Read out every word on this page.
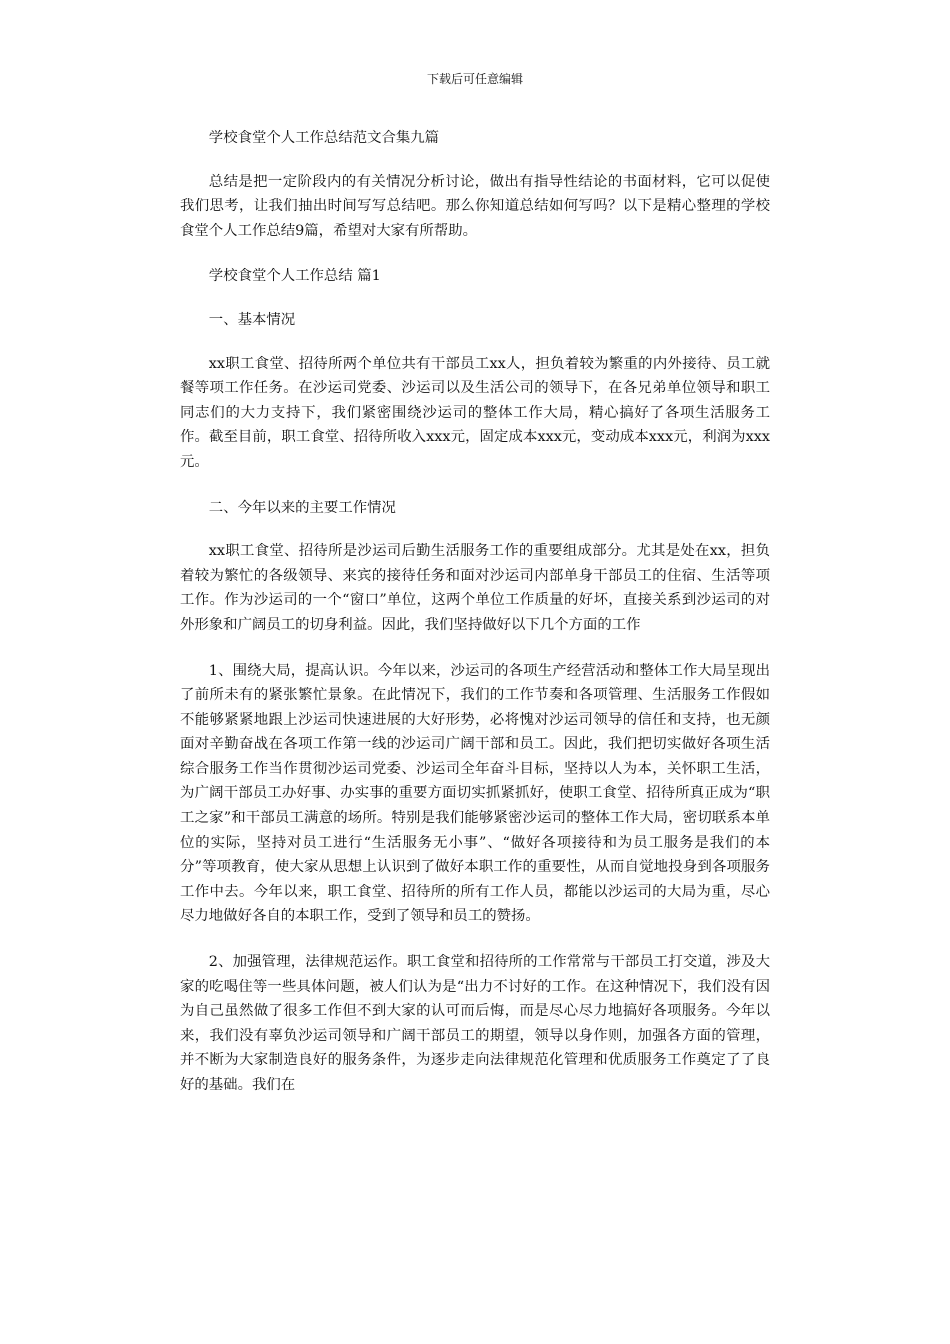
下载后可任意编辑

学校食堂个人工作总结范文合集九篇

总结是把一定阶段内的有关情况分析讨论，做出有指导性结论的书面材料，它可以促使我们思考，让我们抽出时间写写总结吧。那么你知道总结如何写吗？以下是精心整理的学校食堂个人工作总结9篇，希望对大家有所帮助。

学校食堂个人工作总结 篇1

一、基本情况

xx职工食堂、招待所两个单位共有干部员工xx人，担负着较为繁重的内外接待、员工就餐等项工作任务。在沙运司党委、沙运司以及生活公司的领导下，在各兄弟单位领导和职工同志们的大力支持下，我们紧密围绕沙运司的整体工作大局，精心搞好了各项生活服务工作。截至目前，职工食堂、招待所收入xxx元，固定成本xxx元，变动成本xxx元，利润为xxx元。

二、今年以来的主要工作情况

xx职工食堂、招待所是沙运司后勤生活服务工作的重要组成部分。尤其是处在xx，担负着较为繁忙的各级领导、来宾的接待任务和面对沙运司内部单身干部员工的住宿、生活等项工作。作为沙运司的一个“窗口”单位，这两个单位工作质量的好坏，直接关系到沙运司的对外形象和广阔员工的切身利益。因此，我们坚持做好以下几个方面的工作

1、围绕大局，提高认识。今年以来，沙运司的各项生产经营活动和整体工作大局呈现出了前所未有的紧张繁忙景象。在此情况下，我们的工作节奏和各项管理、生活服务工作假如不能够紧紧地跟上沙运司快速进展的大好形势，必将愧对沙运司领导的信任和支持，也无颜面对辛勤奋战在各项工作第一线的沙运司广阔干部和员工。因此，我们把切实做好各项生活综合服务工作当作贯彻沙运司党委、沙运司全年奋斗目标，坚持以人为本，关怀职工生活，为广阔干部员工办好事、办实事的重要方面切实抓紧抓好，使职工食堂、招待所真正成为“职工之家”和干部员工满意的场所。特别是我们能够紧密沙运司的整体工作大局，密切联系本单位的实际，坚持对员工进行“生活服务无小事”、“做好各项接待和为员工服务是我们的本分”等项教育，使大家从思想上认识到了做好本职工作的重要性，从而自觉地投身到各项服务工作中去。今年以来，职工食堂、招待所的所有工作人员，都能以沙运司的大局为重，尽心尽力地做好各自的本职工作，受到了领导和员工的赞扬。

2、加强管理，法律规范运作。职工食堂和招待所的工作常常与干部员工打交道，涉及大家的吃喝住等一些具体问题，被人们认为是“出力不讨好的工作。在这种情况下，我们没有因为自己虽然做了很多工作但不到大家的认可而后悔，而是尽心尽力地搞好各项服务。今年以来，我们没有辜负沙运司领导和广阔干部员工的期望，领导以身作则，加强各方面的管理，并不断为大家制造良好的服务条件，为逐步走向法律规范化管理和优质服务工作奠定了了良好的基础。我们在
